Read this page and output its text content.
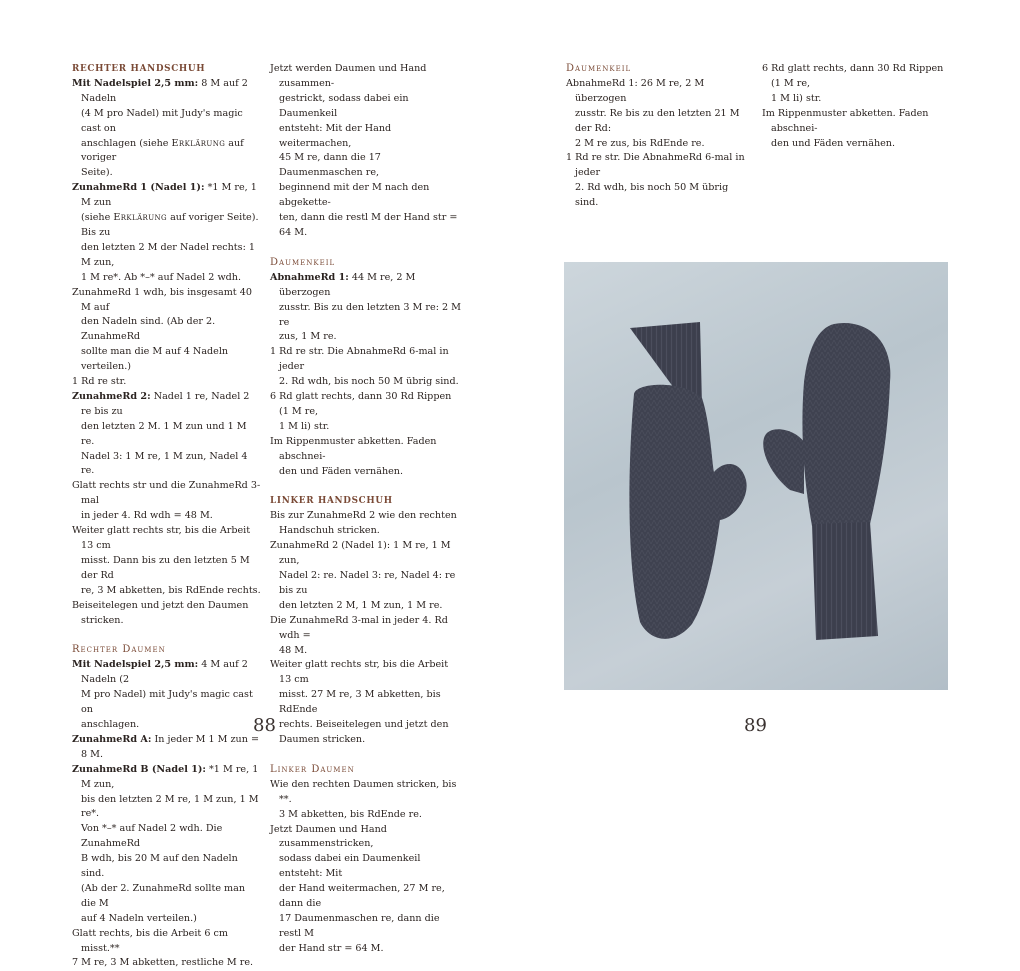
RECHTER HANDSCHUH

Mit Nadelspiel 2,5 mm: 8 M auf 2 Nadeln

(4 M pro Nadel) mit Judy's magic cast on

anschlagen (siehe Erklärung auf voriger

Seite).

ZunahmeRd 1 (Nadel 1): *1 M re, 1 M zun

(siehe Erklärung auf voriger Seite). Bis zu

den letzten 2 M der Nadel rechts: 1 M zun,

1 M re*. Ab *–* auf Nadel 2 wdh.

ZunahmeRd 1 wdh, bis insgesamt 40 M auf

den Nadeln sind. (Ab der 2. ZunahmeRd

sollte man die M auf 4 Nadeln verteilen.)

1 Rd re str.

ZunahmeRd 2: Nadel 1 re, Nadel 2 re bis zu

den letzten 2 M. 1 M zun und 1 M re.

Nadel 3: 1 M re, 1 M zun, Nadel 4 re.

Glatt rechts str und die ZunahmeRd 3-mal

in jeder 4. Rd wdh = 48 M.

Weiter glatt rechts str, bis die Arbeit 13 cm

misst. Dann bis zu den letzten 5 M der Rd

re, 3 M abketten, bis RdEnde rechts.

Beiseitelegen und jetzt den Daumen

stricken.

Rechter Daumen

Mit Nadelspiel 2,5 mm: 4 M auf 2 Nadeln (2

M pro Nadel) mit Judy's magic cast on

anschlagen.

ZunahmeRd A: In jeder M 1 M zun = 8 M.

ZunahmeRd B (Nadel 1): *1 M re, 1 M zun,

bis den letzten 2 M re, 1 M zun, 1 M re*.

Von *–* auf Nadel 2 wdh. Die ZunahmeRd

B wdh, bis 20 M auf den Nadeln sind.

(Ab der 2. ZunahmeRd sollte man die M

auf 4 Nadeln verteilen.)

Glatt rechts, bis die Arbeit 6 cm misst.**

7 M re, 3 M abketten, restliche M re.

Jetzt werden Daumen und Hand zusammen-

gestrickt, sodass dabei ein Daumenkeil

entsteht: Mit der Hand weitermachen,

45 M re, dann die 17 Daumenmaschen re,

beginnend mit der M nach den abgekette-

ten, dann die restl M der Hand str = 64 M.

Daumenkeil

AbnahmeRd 1: 44 M re, 2 M überzogen

zusstr. Bis zu den letzten 3 M re: 2 M re

zus, 1 M re.

1 Rd re str. Die AbnahmeRd 6-mal in jeder

2. Rd wdh, bis noch 50 M übrig sind.

6 Rd glatt rechts, dann 30 Rd Rippen (1 M re,

1 M li) str.

Im Rippenmuster abketten. Faden abschnei-

den und Fäden vernähen.

LINKER HANDSCHUH

Bis zur ZunahmeRd 2 wie den rechten

Handschuh stricken.

ZunahmeRd 2 (Nadel 1): 1 M re, 1 M zun,

Nadel 2: re. Nadel 3: re, Nadel 4: re bis zu

den letzten 2 M, 1 M zun, 1 M re.

Die ZunahmeRd 3-mal in jeder 4. Rd wdh =

48 M.

Weiter glatt rechts str, bis die Arbeit 13 cm

misst. 27 M re, 3 M abketten, bis RdEnde

rechts. Beiseitelegen und jetzt den

Daumen stricken.

Linker Daumen

Wie den rechten Daumen stricken, bis **.

3 M abketten, bis RdEnde re.

Jetzt Daumen und Hand zusammenstricken,

sodass dabei ein Daumenkeil entsteht: Mit

der Hand weitermachen, 27 M re, dann die

17 Daumenmaschen re, dann die restl M

der Hand str = 64 M.

88

Daumenkeil

AbnahmeRd 1: 26 M re, 2 M überzogen

zusstr. Re bis zu den letzten 21 M der Rd:

2 M re zus, bis RdEnde re.

1 Rd re str. Die AbnahmeRd 6-mal in jeder

2. Rd wdh, bis noch 50 M übrig sind.

6 Rd glatt rechts, dann 30 Rd Rippen (1 M re,

1 M li) str.

Im Rippenmuster abketten. Faden abschnei-

den und Fäden vernähen.

89
